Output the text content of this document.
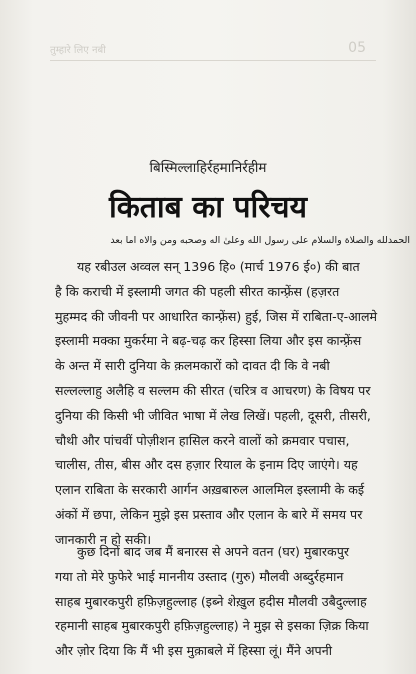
तुम्हारे लिए नबी	05
बिस्मिल्लाहिर्रहमानिर्रहीम
किताब का परिचय
الحمدلله والصلاة والسلام على رسول الله وعلىٰ اله وصحبه ومن والاه اما بعد
यह रबीउल अव्वल सन् 1396 हि० (मार्च 1976 ई०) की बात
है कि कराची में इस्लामी जगत की पहली सीरत कान्फ़्रेंस (हज़रत
मुहम्मद की जीवनी पर आधारित कान्फ़्रेंस) हुई, जिस में राबिता-ए-आलमे
इस्लामी मक्का मुकर्रमा ने बढ़-चढ़ कर हिस्सा लिया और इस कान्फ़्रेंस
के अन्त में सारी दुनिया के क़लमकारों को दावत दी कि वे नबी
सल्लल्लाहु अलैहि व सल्लम की सीरत (चरित्र व आचरण) के विषय पर
दुनिया की किसी भी जीवित भाषा में लेख लिखें। पहली, दूसरी, तीसरी,
चौथी और पांचवीं पोज़ीशन हासिल करने वालों को क्रमवार पचास,
चालीस, तीस, बीस और दस हज़ार रियाल के इनाम दिए जाएंगे। यह
एलान राबिता के सरकारी आर्गन अख़बारुल आलमिल इस्लामी के कई
अंकों में छपा, लेकिन मुझे इस प्रस्ताव और एलान के बारे में समय पर
जानकारी न हो सकी।
कुछ दिनों बाद जब मैं बनारस से अपने वतन (घर) मुबारकपुर
गया तो मेरे फुफेरे भाई माननीय उस्ताद (गुरु) मौलवी अब्दुर्रहमान
साहब मुबारकपुरी हफ़िज़हुल्लाह (इब्ने शेख़ुल हदीस मौलवी उबैदुल्लाह
रहमानी साहब मुबारकपुरी हफ़िज़हुल्लाह) ने मुझ से इसका ज़िक्र किया
और ज़ोर दिया कि मैं भी इस मुक़ाबले में हिस्सा लूं। मैंने अपनी
